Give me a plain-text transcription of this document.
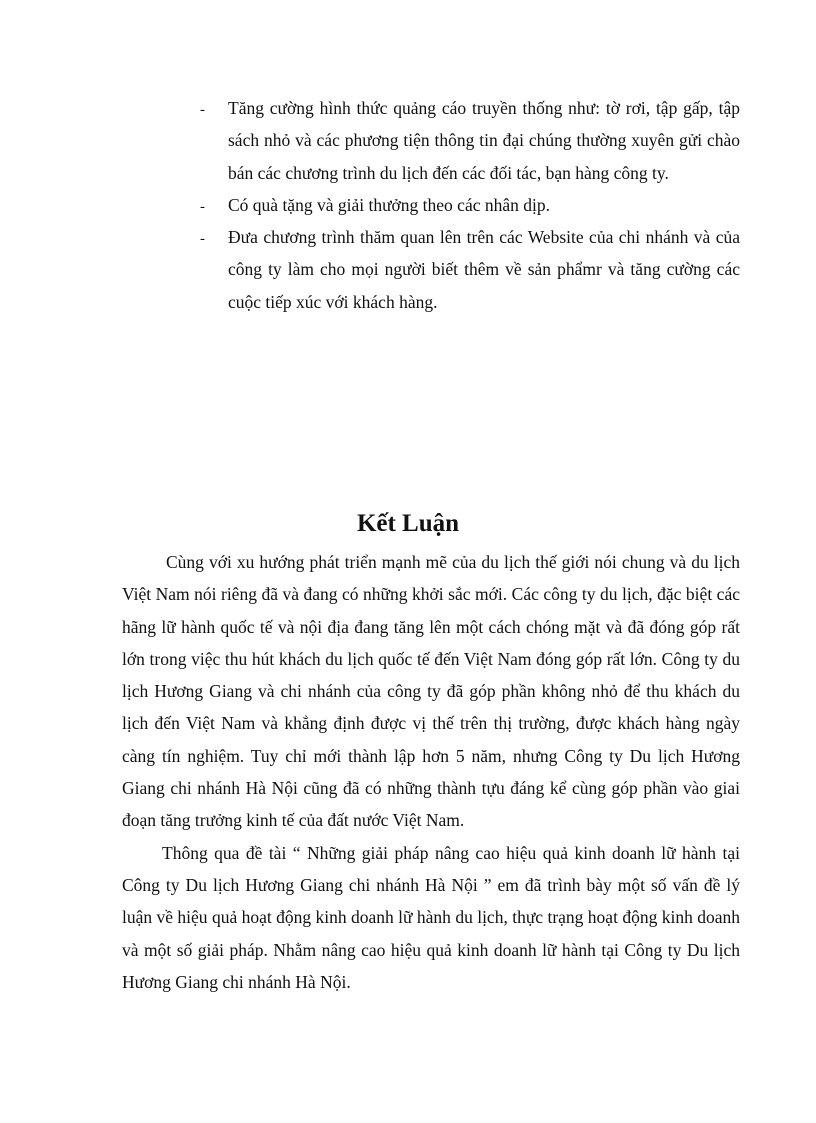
- Tăng cường hình thức quảng cáo truyền thống như: tờ rơi, tập gấp, tập sách nhỏ và các phương tiện thông tin đại chúng thường xuyên gửi chào bán các chương trình du lịch đến các đối tác, bạn hàng công ty.
- Có quà tặng và giải thưởng theo các nhân dịp.
- Đưa chương trình thăm quan lên trên các Website của chi nhánh và của công ty làm cho mọi người biết thêm về sản phẩmr và tăng cường các cuộc tiếp xúc với khách hàng.
Kết Luận

Cùng với xu hướng phát triển mạnh mẽ của du lịch thế giới nói chung và du lịch Việt Nam nói riêng đã và đang có những khởi sắc mới. Các công ty du lịch, đặc biệt các hãng lữ hành quốc tế và nội địa đang tăng lên một cách chóng mặt và đã đóng góp rất lớn trong việc thu hút khách du lịch quốc tế đến Việt Nam đóng góp rất lớn. Công ty du lịch Hương Giang và chi nhánh của công ty đã góp phần không nhỏ để thu khách du lịch đến Việt Nam và khẳng định được vị thế trên thị trường, được khách hàng ngày càng tín nghiệm. Tuy chỉ mới thành lập hơn 5 năm, nhưng Công ty Du lịch Hương Giang chi nhánh Hà Nội cũng đã có những thành tựu đáng kể cùng góp phần vào giai đoạn tăng trưởng kinh tế của đất nước Việt Nam.

Thông qua đề tài “ Những giải pháp nâng cao hiệu quả kinh doanh lữ hành tại Công ty Du lịch Hương Giang chi nhánh Hà Nội ” em đã trình bày một số vấn đề lý luận về hiệu quả hoạt động kinh doanh lữ hành du lịch, thực trạng hoạt động kinh doanh và một số giải pháp. Nhằm nâng cao hiệu quả kinh doanh lữ hành tại Công ty Du lịch Hương Giang chi nhánh Hà Nội.
